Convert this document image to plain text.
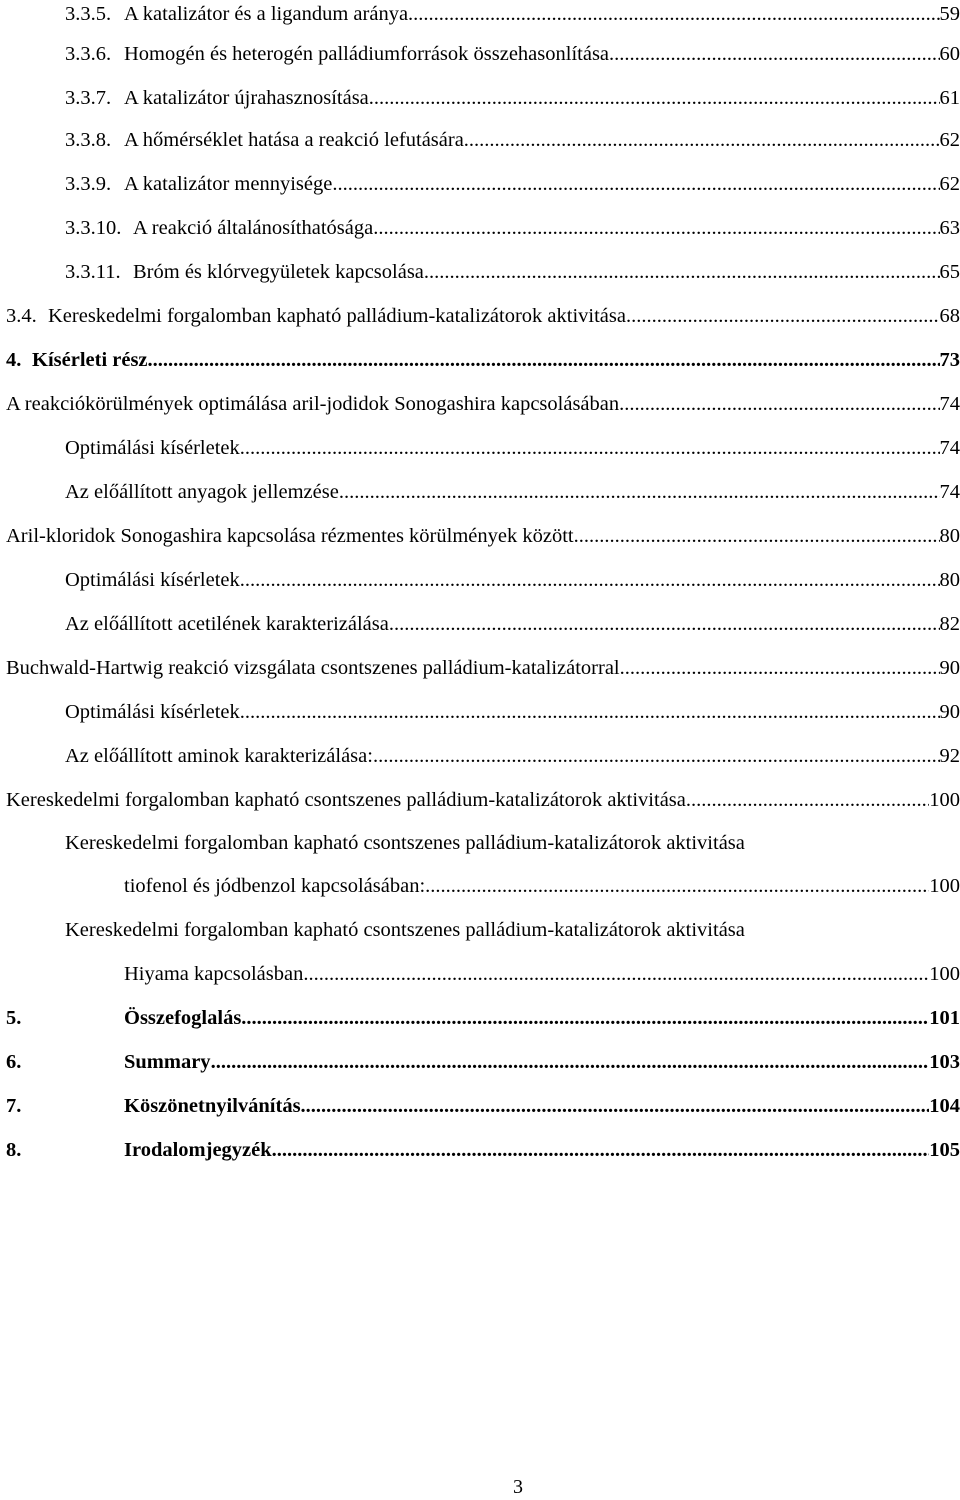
3.3.5. A katalizátor és a ligandum aránya .....	59
3.3.6. Homogén és heterogén palládiumforrások összehasonlítása .....	60
3.3.7. A katalizátor újrahasznosítása .....	61
3.3.8. A hőmérséklet hatása a reakció lefutására .....	62
3.3.9. A katalizátor mennyisége .....	62
3.3.10. A reakció általánosíthatósága .....	63
3.3.11. Bróm és klórvegyületek kapcsolása .....	65
3.4. Kereskedelmi forgalomban kapható palládium-katalizátorok aktivitása .....	68
4. Kísérleti rész .....	73
A reakciókörülmények optimálása aril-jodidok Sonogashira kapcsolásában .....	74
Optimálási kísérletek .....	74
Az előállított anyagok jellemzése .....	74
Aril-kloridok Sonogashira kapcsolása rézmentes körülmények között .....	80
Optimálási kísérletek .....	80
Az előállított acetilének karakterizálása .....	82
Buchwald-Hartwig reakció vizsgálata csontszenes palládium-katalizátorral .....	90
Optimálási kísérletek .....	90
Az előállított aminok karakterizálása: .....	92
Kereskedelmi forgalomban kapható csontszenes palládium-katalizátorok aktivitása .....	100
Kereskedelmi forgalomban kapható csontszenes palládium-katalizátorok aktivitása
tiofenol és jódbenzol kapcsolásában: .....	100
Kereskedelmi forgalomban kapható csontszenes palládium-katalizátorok aktivitása
Hiyama kapcsolásban .....	100
5.	Összefoglalás .....	101
6.	Summary .....	103
7.	Köszönetnyilvánítás .....	104
8.	Irodalomjegyzék .....	105
3
